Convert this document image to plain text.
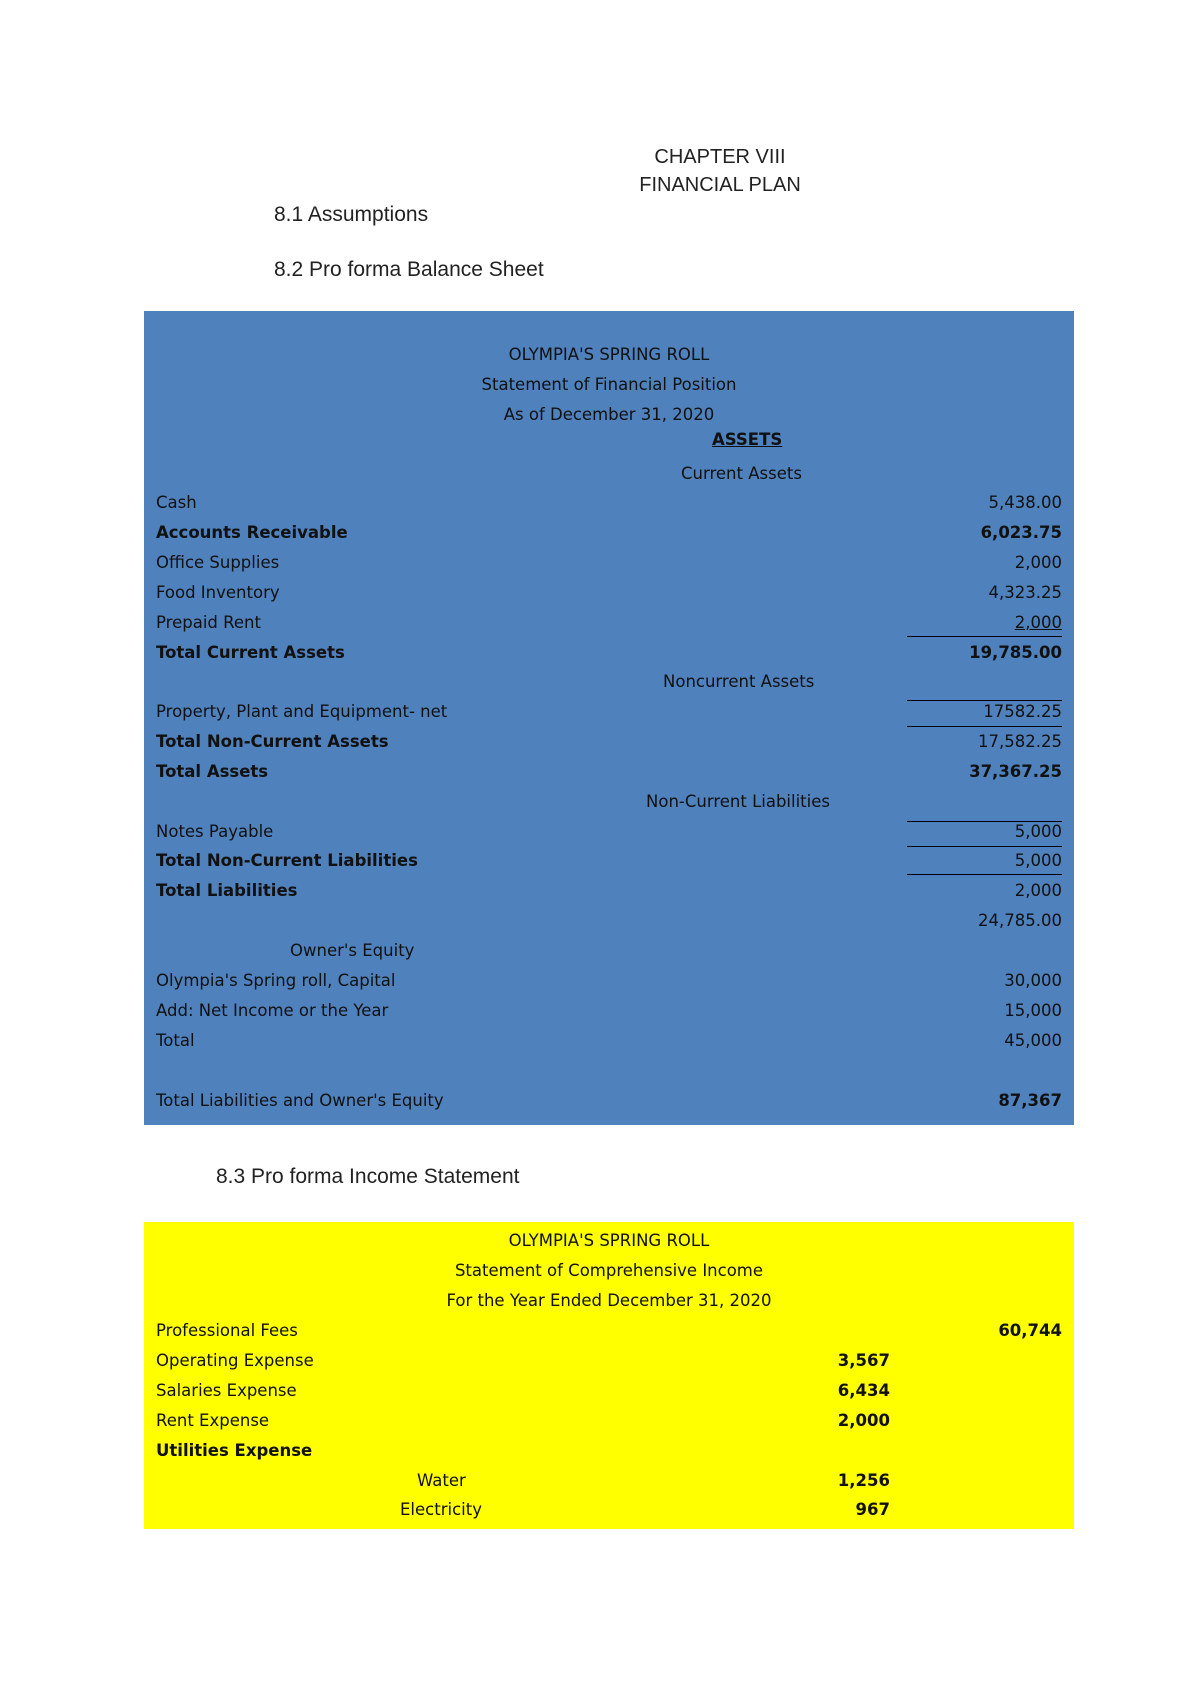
CHAPTER VIII
FINANCIAL PLAN
8.1 Assumptions
8.2 Pro forma Balance Sheet
OLYMPIA'S SPRING ROLL
Statement of Financial Position
As of December 31, 2020
ASSETS
Current Assets
Cash	5,438.00
Accounts Receivable	6,023.75
Office Supplies	2,000
Food Inventory	4,323.25
Prepaid Rent	2,000
Total Current Assets	19,785.00
Noncurrent Assets
Property, Plant and Equipment- net	17582.25
Total Non-Current Assets	17,582.25
Total Assets	37,367.25
Non-Current Liabilities
Notes Payable	5,000
Total Non-Current Liabilities	5,000
Total Liabilities	2,000
24,785.00
Owner's Equity
Olympia's Spring roll, Capital	30,000
Add: Net Income or the Year	15,000
Total	45,000
Total Liabilities and Owner's Equity	87,367
8.3 Pro forma Income Statement
OLYMPIA'S SPRING ROLL
Statement of Comprehensive Income
For the Year Ended December 31, 2020
Professional Fees	60,744
Operating Expense	3,567
Salaries Expense	6,434
Rent Expense	2,000
Utilities Expense
Water	1,256
Electricity	967
